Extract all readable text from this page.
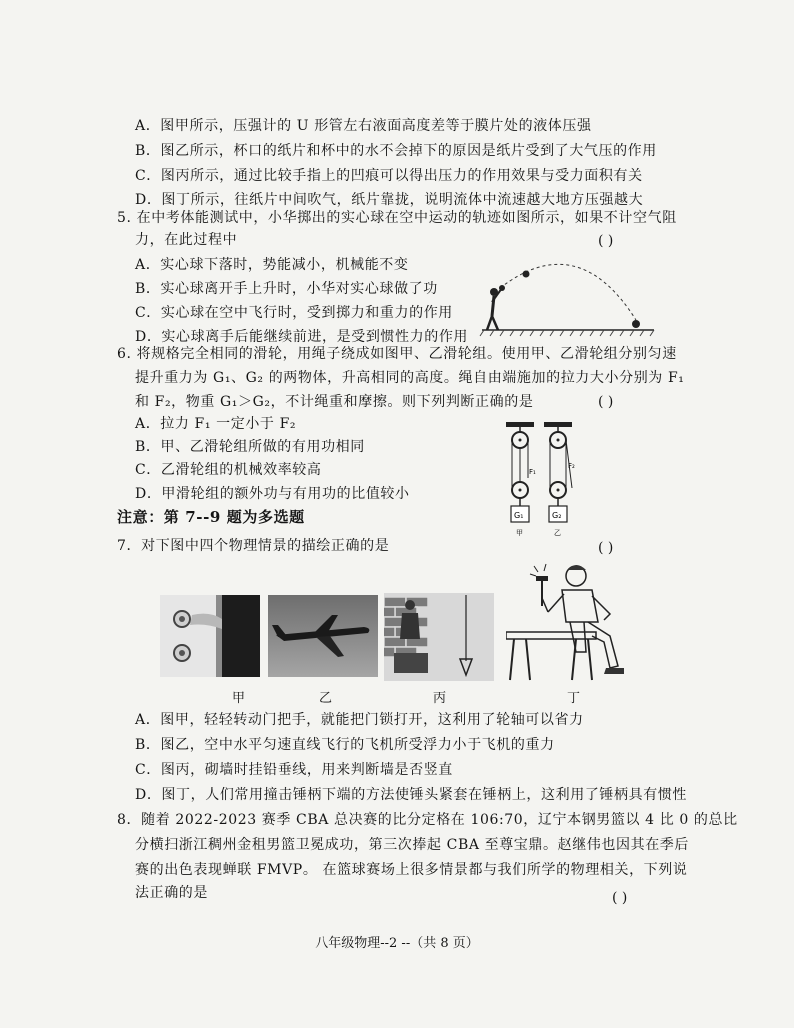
A．图甲所示，压强计的 U 形管左右液面高度差等于膜片处的液体压强
B．图乙所示，杯口的纸片和杯中的水不会掉下的原因是纸片受到了大气压的作用
C．图丙所示，通过比较手指上的凹痕可以得出压力的作用效果与受力面积有关
D．图丁所示，往纸片中间吹气，纸片靠拢，说明流体中流速越大地方压强越大
5. 在中考体能测试中，小华掷出的实心球在空中运动的轨迹如图所示，如果不计空气阻
力，在此过程中	( )
A．实心球下落时，势能减小，机械能不变
B．实心球离开手上升时，小华对实心球做了功
C．实心球在空中飞行时，受到掷力和重力的作用
D．实心球离手后能继续前进，是受到惯性力的作用
6. 将规格完全相同的滑轮，用绳子绕成如图甲、乙滑轮组。使用甲、乙滑轮组分别匀速
提升重力为 G₁、G₂ 的两物体，升高相同的高度。绳自由端施加的拉力大小分别为 F₁
和 F₂，物重 G₁＞G₂，不计绳重和摩擦。则下列判断正确的是	( )
A．拉力 F₁ 一定小于 F₂
B．甲、乙滑轮组所做的有用功相同
C．乙滑轮组的机械效率较高
D．甲滑轮组的额外功与有用功的比值较小
G₁
F₁
甲
G₂
F₂
乙
注意：第 7--9 题为多选题
7．对下图中四个物理情景的描绘正确的是	( )
甲	乙	丙	丁
A．图甲，轻轻转动门把手，就能把门锁打开，这利用了轮轴可以省力
B．图乙，空中水平匀速直线飞行的飞机所受浮力小于飞机的重力
C．图丙，砌墙时挂铅垂线，用来判断墙是否竖直
D．图丁，人们常用撞击锤柄下端的方法使锤头紧套在锤柄上，这利用了锤柄具有惯性
8．随着 2022-2023 赛季 CBA 总决赛的比分定格在 106:70，辽宁本钢男篮以 4 比 0 的总比
分横扫浙江稠州金租男篮卫冕成功，第三次捧起 CBA 至尊宝鼎。赵继伟也因其在季后
赛的出色表现蝉联 FMVP。 在篮球赛场上很多情景都与我们所学的物理相关，下列说
法正确的是	( )
八年级物理--2 --（共 8 页）
